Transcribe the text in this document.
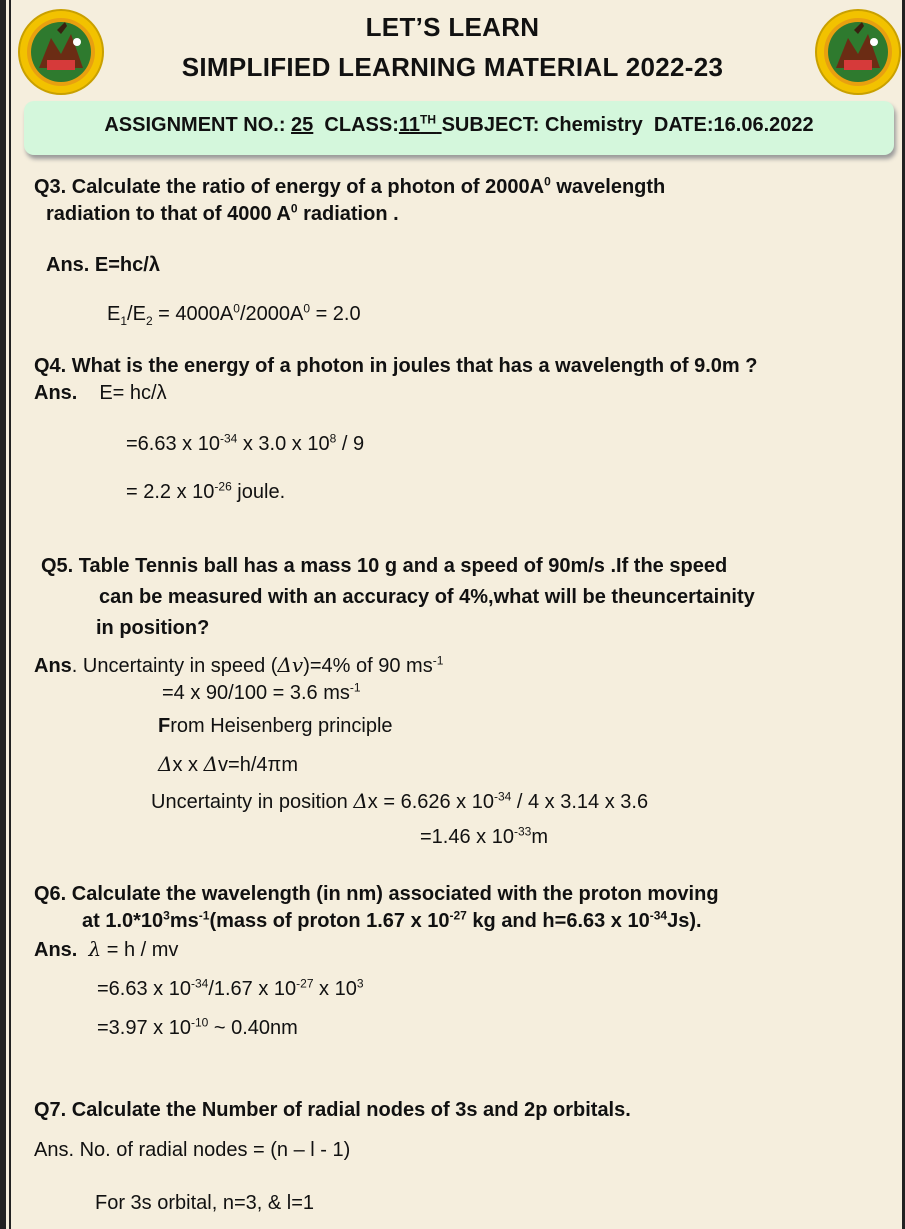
LET’S LEARN
SIMPLIFIED LEARNING MATERIAL 2022-23
ASSIGNMENT NO.: 25 CLASS:11TH SUBJECT: Chemistry DATE:16.06.2022
Q3. Calculate the ratio of energy of a photon of $2000A^0$ wavelength
radiation to that of 4000 $A^0$ radiation .
Ans. E=hc/λ
$E_1/E_2 = 4000A^0/2000A^0 = 2.0$
Q4. What is the energy of a photon in joules that has a wavelength of 9.0m ?
Ans. E= hc/λ
=6.63 x $10^{-34}$ x 3.0 x $10^8 / 9$
= 2.2 x $10^{-26}$ joule.
Q5. Table Tennis ball has a mass 10 g and a speed of 90m/s .If the speed
can be measured with an accuracy of 4%,what will be theuncertainity
in position?
Ans. Uncertainty in speed (Δv)=4% of 90 $ms^{-1}$
=4 x 90/100 = 3.6 $ms^{-1}$
From Heisenberg principle
Δx x Δv=h/4πm
Uncertainty in position Δx = 6.626 x $10^{-34} / 4$ x 3.14 x 3.6
=1.46 x $10^{-33}m$
Q6. Calculate the wavelength (in nm) associated with the proton moving
at $1.0*10^3ms^{-1}(mass$ of proton 1.67 x $10^{-27}$ kg and h=6.63 x $10^{-34}Js$).
Ans. λ = h / mv
=6.63 x $10^{-34}/1.67$ x $10^{-27}$ x $10^3$
=3.97 x $10^{-10}$ ~ 0.40nm
Q7. Calculate the Number of radial nodes of 3s and 2p orbitals.
Ans. No. of radial nodes = (n – l - 1)
For 3s orbital, n=3, & l=1
